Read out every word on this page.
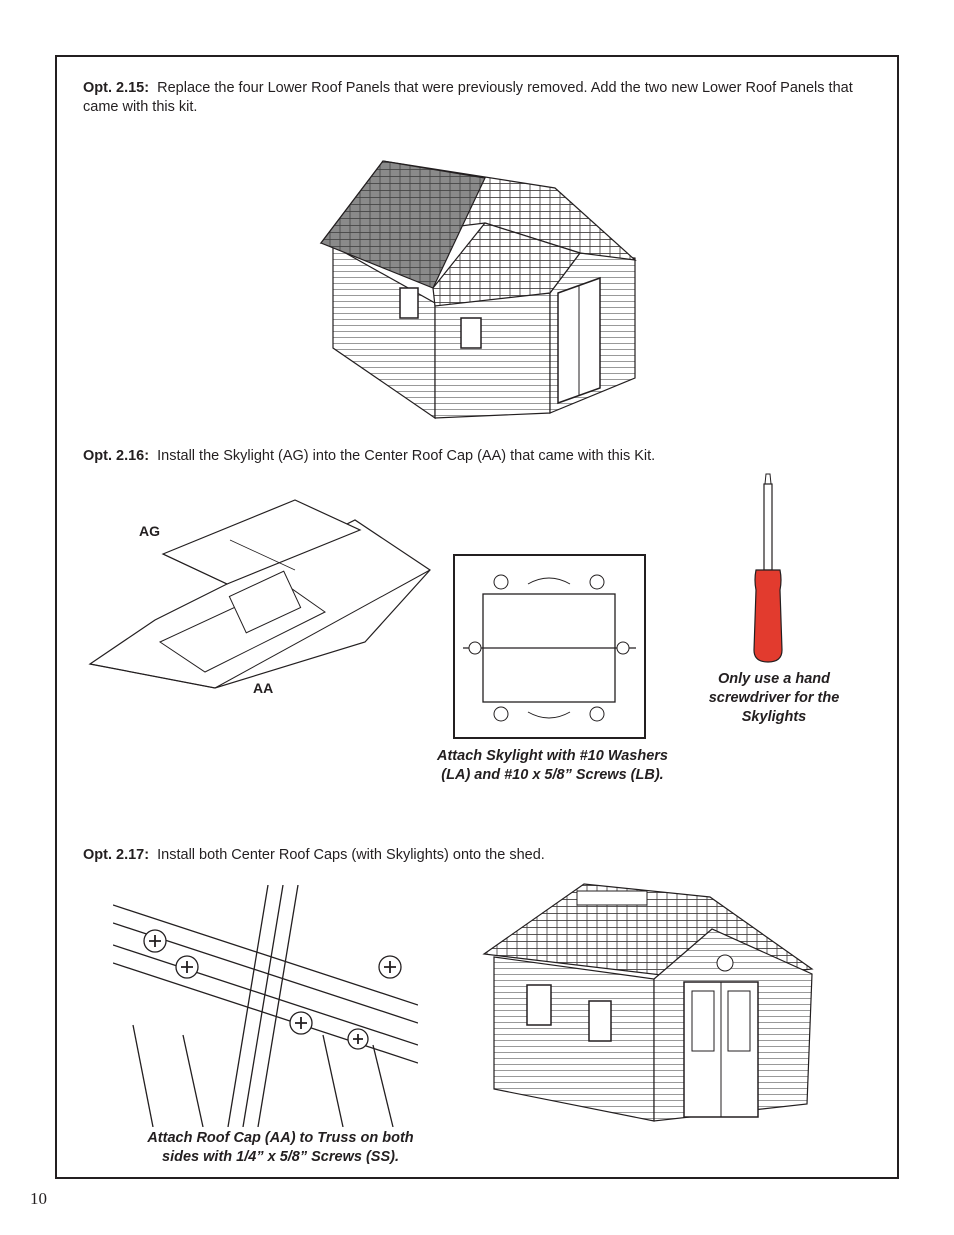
Opt. 2.15: Replace the four Lower Roof Panels that were previously removed. Add the two new Lower Roof Panels that came with this kit.
Opt. 2.16: Install the Skylight (AG) into the Center Roof Cap (AA) that came with this Kit.
AG
AA
Attach Skylight with #10 Washers
(LA) and #10 x 5/8” Screws (LB).
Only use a hand
screwdriver for the
Skylights
Opt. 2.17: Install both Center Roof Caps (with Skylights) onto the shed.
Attach Roof Cap (AA) to Truss on both
sides with 1/4” x 5/8” Screws (SS).
10
